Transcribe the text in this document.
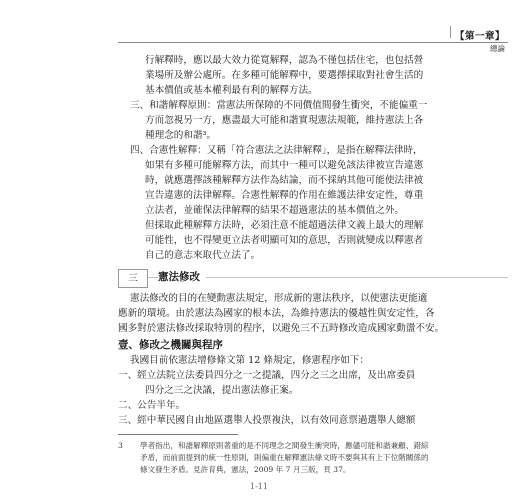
【第一章】
總論
行解釋時，應以最大效力從寬解釋，認為不僅包括住宅，也包括營
業場所及辦公處所。在多種可能解釋中，要選擇採取對社會生活的
基本價值或基本權利最有利的解釋方法。
三、和諧解釋原則：當憲法所保障的不同價值間發生衝突，不能偏重一
方而忽視另一方，應盡最大可能和諧實現憲法規範，維持憲法上各
種理念的和諧³。
四、合憲性解釋：又稱「符合憲法之法律解釋」，是指在解釋法律時，
如果有多種可能解釋方法，而其中一種可以避免該法律被宣告違憲
時，就應選擇該種解釋方法作為結論，而不採納其他可能使法律被
宣告違憲的法律解釋。合憲性解釋的作用在維護法律安定性，尊重
立法者，並確保法律解釋的結果不超過憲法的基本價值之外。
但採取此種解釋方法時，必須注意不能超過法律文義上最大的理解
可能性，也不得變更立法者明顯可知的意思，否則就變成以釋憲者
自己的意志來取代立法了。
三	憲法修改
憲法修改的目的在變動憲法規定，形成新的憲法秩序，以使憲法更能適
應新的環境。由於憲法為國家的根本法，為維持憲法的優越性與安定性，各
國多對於憲法修改採取特別的程序，以避免三不五時修改造成國家動盪不安。
壹、修改之機關與程序
我國目前依憲法增修條文第 12 條規定，修憲程序如下：
一、經立法院立法委員四分之一之提議，四分之三之出席，及出席委員
四分之三之決議，提出憲法修正案。
二、公告半年。
三、經中華民國自由地區選舉人投票複決，以有效同意票過選舉人總額
3 學者指出，和諧解釋原則著重的是不同理念之間發生衝突時，應儘可能和諧兼顧、錯綜
矛盾，而前面提到的統一性原則，則偏重在解釋憲法條文時不要與其有上下位階關係的
條文發生矛盾。見許育典，憲法，2009 年 7 月三版，頁 37。
1-11
